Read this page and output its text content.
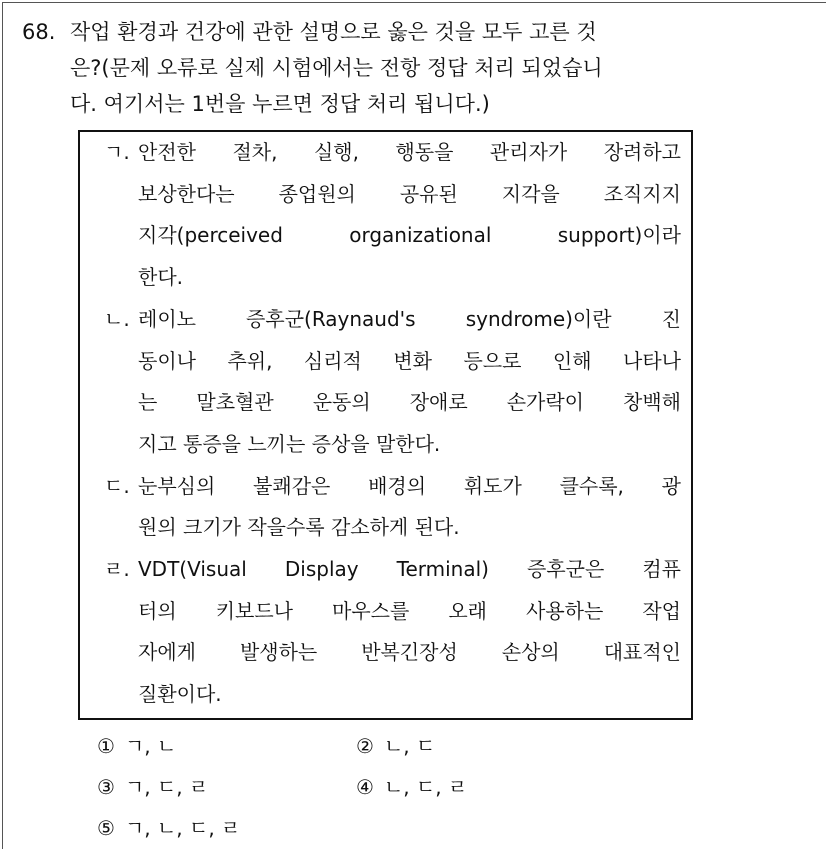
68. 작업 환경과 건강에 관한 설명으로 옳은 것을 모두 고른 것
은?(문제 오류로 실제 시험에서는 전항 정답 처리 되었습니
다. 여기서는 1번을 누르면 정답 처리 됩니다.)
ㄱ. 안전한 절차, 실행, 행동을 관리자가 장려하고
보상한다는 종업원의 공유된 지각을 조직지지
지각(perceived organizational support)이라
한다.
ㄴ. 레이노 증후군(Raynaud's syndrome)이란 진
동이나 추위, 심리적 변화 등으로 인해 나타나
는 말초혈관 운동의 장애로 손가락이 창백해
지고 통증을 느끼는 증상을 말한다.
ㄷ. 눈부심의 불쾌감은 배경의 휘도가 클수록, 광
원의 크기가 작을수록 감소하게 된다.
ㄹ. VDT(Visual Display Terminal) 증후군은 컴퓨
터의 키보드나 마우스를 오래 사용하는 작업
자에게 발생하는 반복긴장성 손상의 대표적인
질환이다.
① ㄱ, ㄴ	② ㄴ, ㄷ
③ ㄱ, ㄷ, ㄹ	④ ㄴ, ㄷ, ㄹ
⑤ ㄱ, ㄴ, ㄷ, ㄹ
